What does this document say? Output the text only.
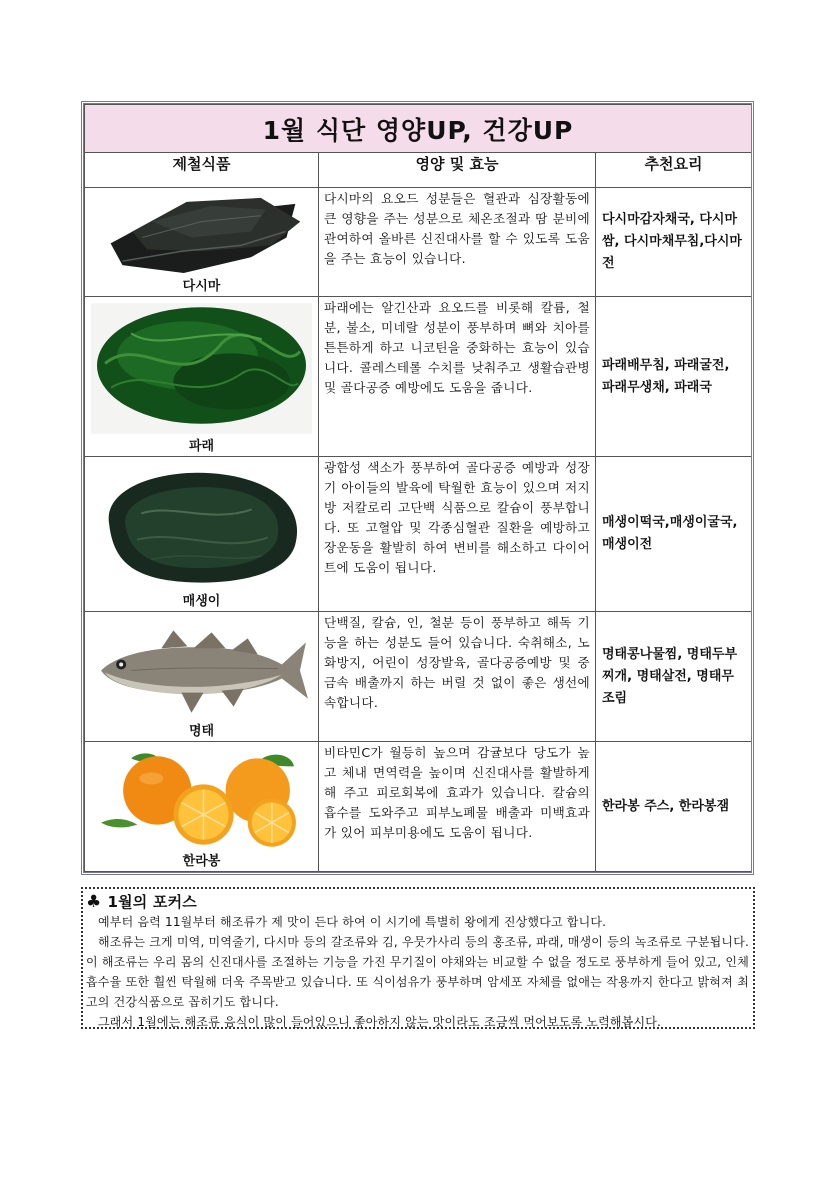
1월 식단 영양UP, 건강UP		
제철식품	영양 및 효능	추천요리

다시마	다시마의 요오드 성분들은 혈관과 심장활동에 큰 영향을 주는 성분으로 체온조절과 땀 분비에 관여하여 올바른 신진대사를 할 수 있도록 도움을 주는 효능이 있습니다.	다시마감자채국, 다시마쌈, 다시마채무침,다시마전

파래	파래에는 알긴산과 요오드를 비롯해 칼륨, 철분, 불소, 미네랄 성분이 풍부하며 뼈와 치아를 튼튼하게 하고 니코틴을 중화하는 효능이 있습니다. 콜레스테롤 수치를 낮춰주고 생활습관병 및 골다공증 예방에도 도움을 줍니다.	파래배무침, 파래굴전, 파래무생채, 파래국

매생이	광합성 색소가 풍부하여 골다공증 예방과 성장기 아이들의 발육에 탁월한 효능이 있으며 저지방 저칼로리 고단백 식품으로 칼슘이 풍부합니다. 또 고혈압 및 각종심혈관 질환을 예방하고 장운동을 활발히 하여 변비를 해소하고 다이어트에 도움이 됩니다.	매생이떡국,매생이굴국,매생이전

명태	단백질, 칼슘, 인, 철분 등이 풍부하고 해독 기능을 하는 성분도 들어 있습니다. 숙취해소, 노화방지, 어린이 성장발육, 골다공증예방 및 중금속 배출까지 하는 버릴 것 없이 좋은 생선에 속합니다.	명태콩나물찜, 명태두부찌개, 명태살전, 명태무조림

한라봉	비타민C가 월등히 높으며 감귤보다 당도가 높고 체내 면역력을 높이며 신진대사를 활발하게 해 주고 피로회복에 효과가 있습니다. 칼슘의 흡수를 도와주고 피부노폐물 배출과 미백효과가 있어 피부미용에도 도움이 됩니다.	한라봉 주스, 한라봉잼
♣ 1월의 포커스

예부터 음력 11월부터 해조류가 제 맛이 든다 하여 이 시기에 특별히 왕에게 진상했다고 합니다.

해조류는 크게 미역, 미역줄기, 다시마 등의 갈조류와 김, 우뭇가사리 등의 홍조류, 파래, 매생이 등의 녹조류로 구분됩니다. 이 해조류는 우리 몸의 신진대사를 조절하는 기능을 가진 무기질이 야채와는 비교할 수 없을 정도로 풍부하게 들어 있고, 인체 흡수율 또한 훨씬 탁월해 더욱 주목받고 있습니다. 또 식이섬유가 풍부하며 암세포 자체를 없애는 작용까지 한다고 밝혀져 최고의 건강식품으로 꼽히기도 합니다.

그래서 1월에는 해조류 음식이 많이 들어있으니 좋아하지 않는 맛이라도 조금씩 먹어보도록 노력해봅시다.
